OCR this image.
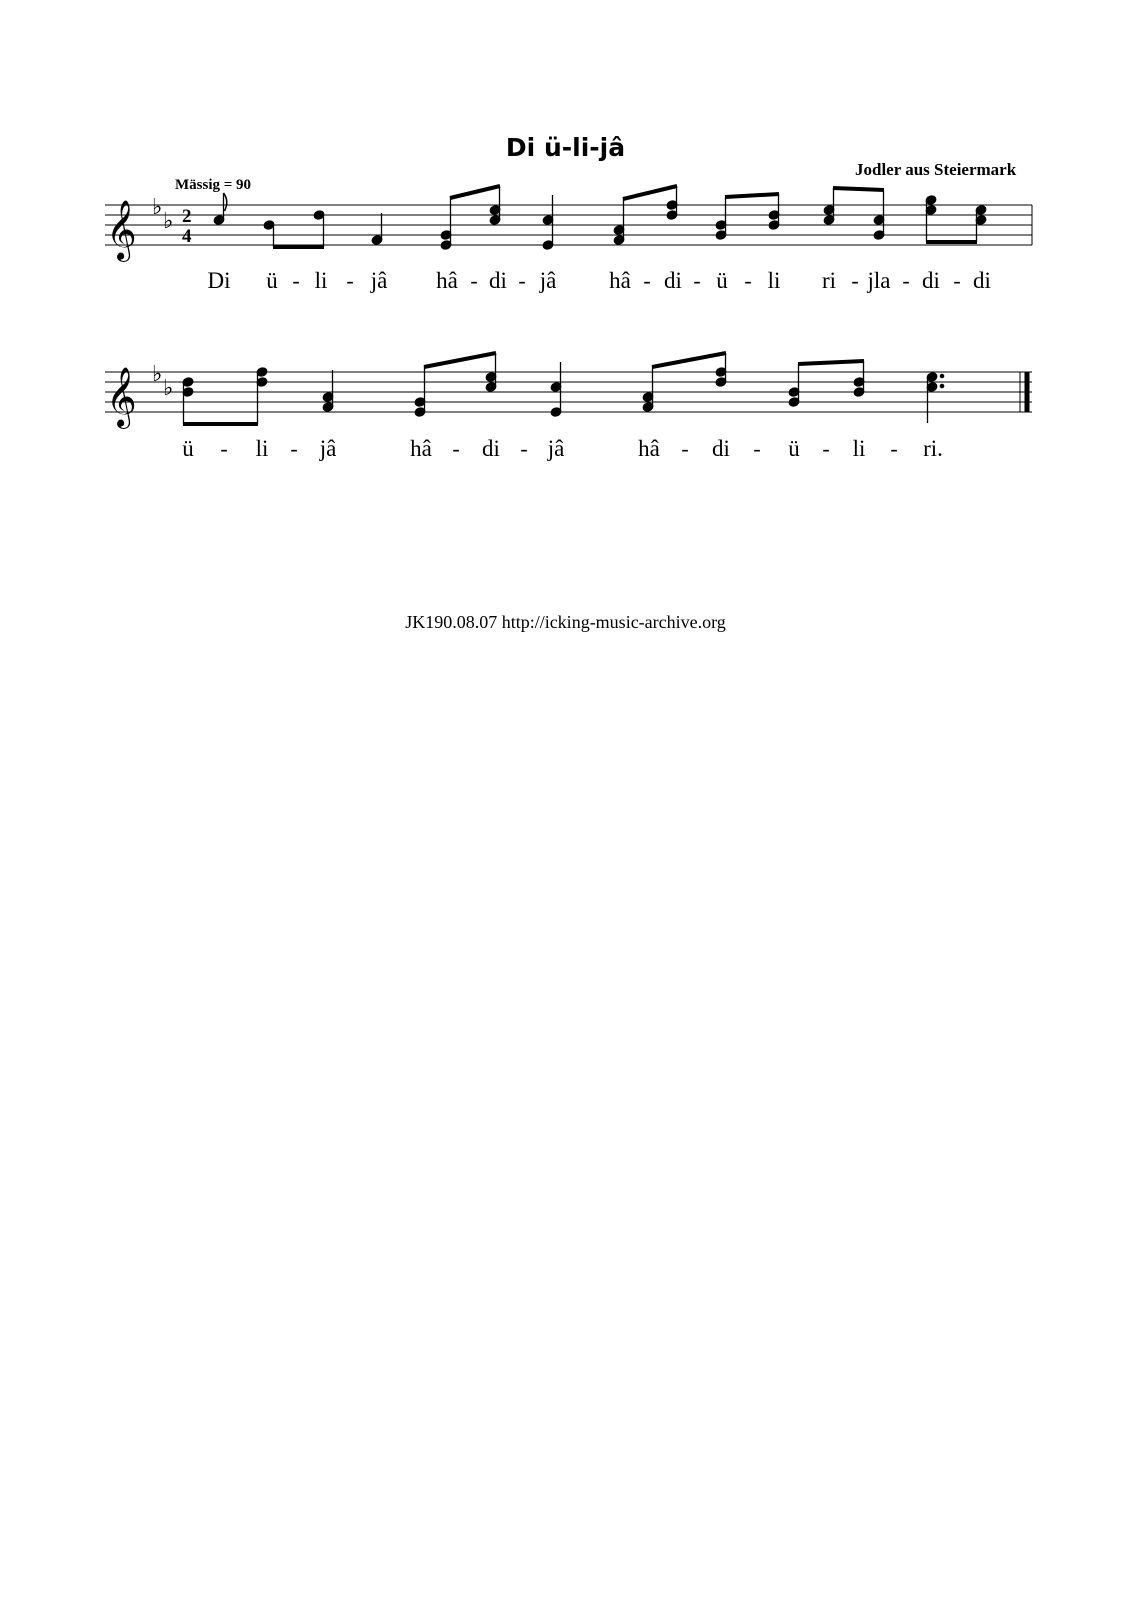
Di ü-li-jâ
Jodler aus Steiermark
Mässig = 90
𝄞 ♭
♭ 2
4
𝄞 ♭
♭
Di ü - li - jâ hâ - di - jâ hâ - di - ü - li ri - jla - di - di
ü - li - jâ	hâ - di - jâ	hâ - di - ü - li - ri.
JK190.08.07 http://icking-music-archive.org
